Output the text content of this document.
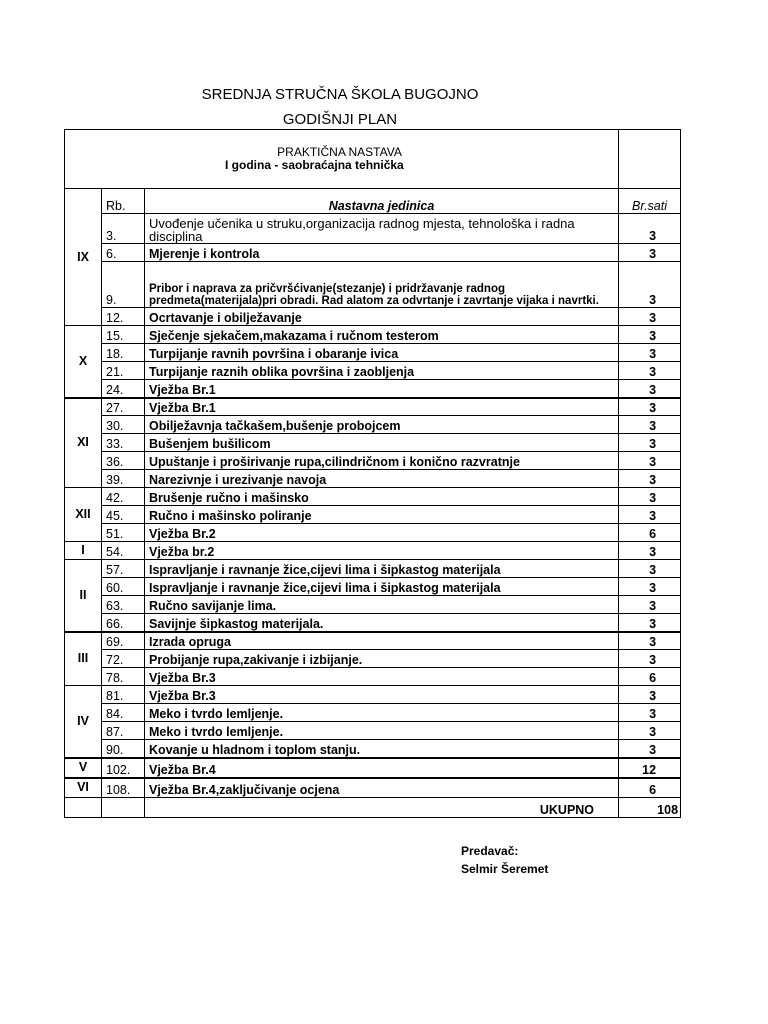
SREDNJA STRUČNA ŠKOLA BUGOJNO
GODIŠNJI PLAN
PRAKTIČNA NASTAVA
I godina - saobraćajna tehnička			

IX	Rb.	Nastavna jedinica	Br.sati
	3.	Uvođenje učenika u struku,organizacija radnog mjesta, tehnološka i radna disciplina	3
	6.	Mjerenje i kontrola	3
	9.	Pribor i naprava za pričvršćivanje(stezanje) i pridržavanje radnog predmeta(materijala)pri obradi. Rad alatom za odvrtanje i zavrtanje vijaka i navrtki.	3
	12.	Ocrtavanje i obilježavanje	3
X	15.	Sječenje sjekačem,makazama i ručnom testerom	3
	18.	Turpijanje ravnih površina i obaranje ivica	3
	21.	Turpijanje raznih oblika površina i zaobljenja	3
	24.	Vježba Br.1	3
XI	27.	Vježba Br.1	3
	30.	Obilježavnja tačkašem,bušenje probojcem	3
	33.	Bušenjem bušilicom	3
	36.	Upuštanje i proširivanje rupa,cilindričnom i konično razvratnje	3
	39.	Narezivnje i urezivanje navoja	3
XII	42.	Brušenje ručno i mašinsko	3
	45.	Ručno i mašinsko poliranje	3
	51.	Vježba Br.2	6
I	54.	Vježba br.2	3
II	57.	Ispravljanje i ravnanje žice,cijevi lima i šipkastog materijala	3
	60.	Ispravljanje i ravnanje žice,cijevi lima i šipkastog materijala	3
	63.	Ručno savijanje lima.	3
	66.	Savijnje šipkastog materijala.	3
III	69.	Izrada opruga	3
	72.	Probijanje rupa,zakivanje i izbijanje.	3
	78.	Vježba Br.3	6
IV	81.	Vježba Br.3	3
	84.	Meko i tvrdo lemljenje.	3
	87.	Meko i tvrdo lemljenje.	3
	90.	Kovanje u hladnom i toplom stanju.	3
V	102.	Vježba Br.4	12
VI	108.	Vježba Br.4,zaključivanje ocjena	6
		UKUPNO	108
Predavač:
Selmir Šeremet
